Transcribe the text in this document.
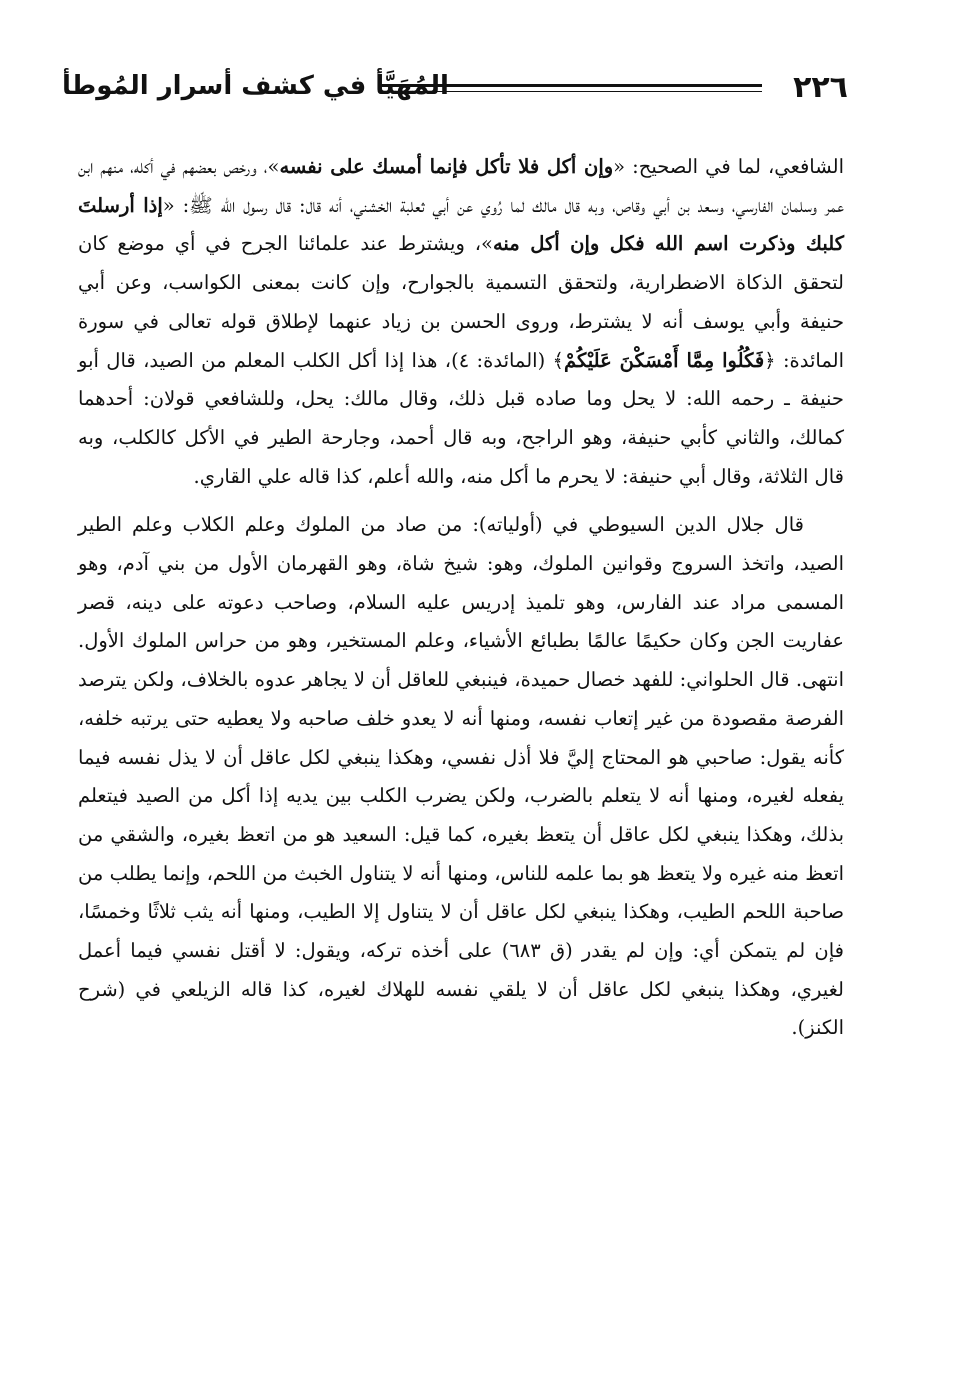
٢٢٦
المُهَيَّأ في كشف أسرار المُوطأ

الشافعي، لما في الصحيح: «وإن أكل فلا تأكل فإنما أمسك على نفسه»، ورخص بعضهم في أكله، منهم ابن عمر وسلمان الفارسي، وسعد بن أبي وقاص، وبه قال مالك لما رُوي عن أبي ثعلبة الخشني، أنه قال: قال رسول الله ﷺ: «إذا أرسلتَ كلبك وذكرت اسم الله فكل وإن أكل منه»، ويشترط عند علمائنا الجرح في أي موضع كان لتحقق الذكاة الاضطرارية، ولتحقق التسمية بالجوارح، وإن كانت بمعنى الكواسب، وعن أبي حنيفة وأبي يوسف أنه لا يشترط، وروى الحسن بن زياد عنهما لإطلاق قوله تعالى في سورة المائدة: ﴿فَكُلُوا مِمَّا أَمْسَكْنَ عَلَيْكُمْ﴾ (المائدة: ٤)، هذا إذا أكل الكلب المعلم من الصيد، قال أبو حنيفة ـ رحمه الله: لا يحل وما صاده قبل ذلك، وقال مالك: يحل، وللشافعي قولان: أحدهما كمالك، والثاني كأبي حنيفة، وهو الراجح، وبه قال أحمد، وجارحة الطير في الأكل كالكلب، وبه قال الثلاثة، وقال أبي حنيفة: لا يحرم ما أكل منه، والله أعلم، كذا قاله علي القاري.

قال جلال الدين السيوطي في (أولياته): من صاد من الملوك وعلم الكلاب وعلم الطير الصيد، واتخذ السروج وقوانين الملوك، وهو: شيخ شاة، وهو القهرمان الأول من بني آدم، وهو المسمى مراد عند الفارس، وهو تلميذ إدريس عليه السلام، وصاحب دعوته على دينه، قصر عفاريت الجن وكان حكيمًا عالمًا بطبائع الأشياء، وعلم المستخير، وهو من حراس الملوك الأول. انتهى. قال الحلواني: للفهد خصال حميدة، فينبغي للعاقل أن لا يجاهر عدوه بالخلاف، ولكن يترصد الفرصة مقصودة من غير إتعاب نفسه، ومنها أنه لا يعدو خلف صاحبه ولا يعطيه حتى يرتبه خلفه، كأنه يقول: صاحبي هو المحتاج إليَّ فلا أذل نفسي، وهكذا ينبغي لكل عاقل أن لا يذل نفسه فيما يفعله لغيره، ومنها أنه لا يتعلم بالضرب، ولكن يضرب الكلب بين يديه إذا أكل من الصيد فيتعلم بذلك، وهكذا ينبغي لكل عاقل أن يتعظ بغيره، كما قيل: السعيد هو من اتعظ بغيره، والشقي من اتعظ منه غيره ولا يتعظ هو بما علمه للناس، ومنها أنه لا يتناول الخبث من اللحم، وإنما يطلب من صاحبة اللحم الطيب، وهكذا ينبغي لكل عاقل أن لا يتناول إلا الطيب، ومنها أنه يثب ثلاثًا وخمسًا، فإن لم يتمكن أي: وإن لم يقدر (ق ٦٨٣) على أخذه تركه، ويقول: لا أقتل نفسي فيما أعمل لغيري، وهكذا ينبغي لكل عاقل أن لا يلقي نفسه للهلاك لغيره، كذا قاله الزيلعي في (شرح الكنز).
